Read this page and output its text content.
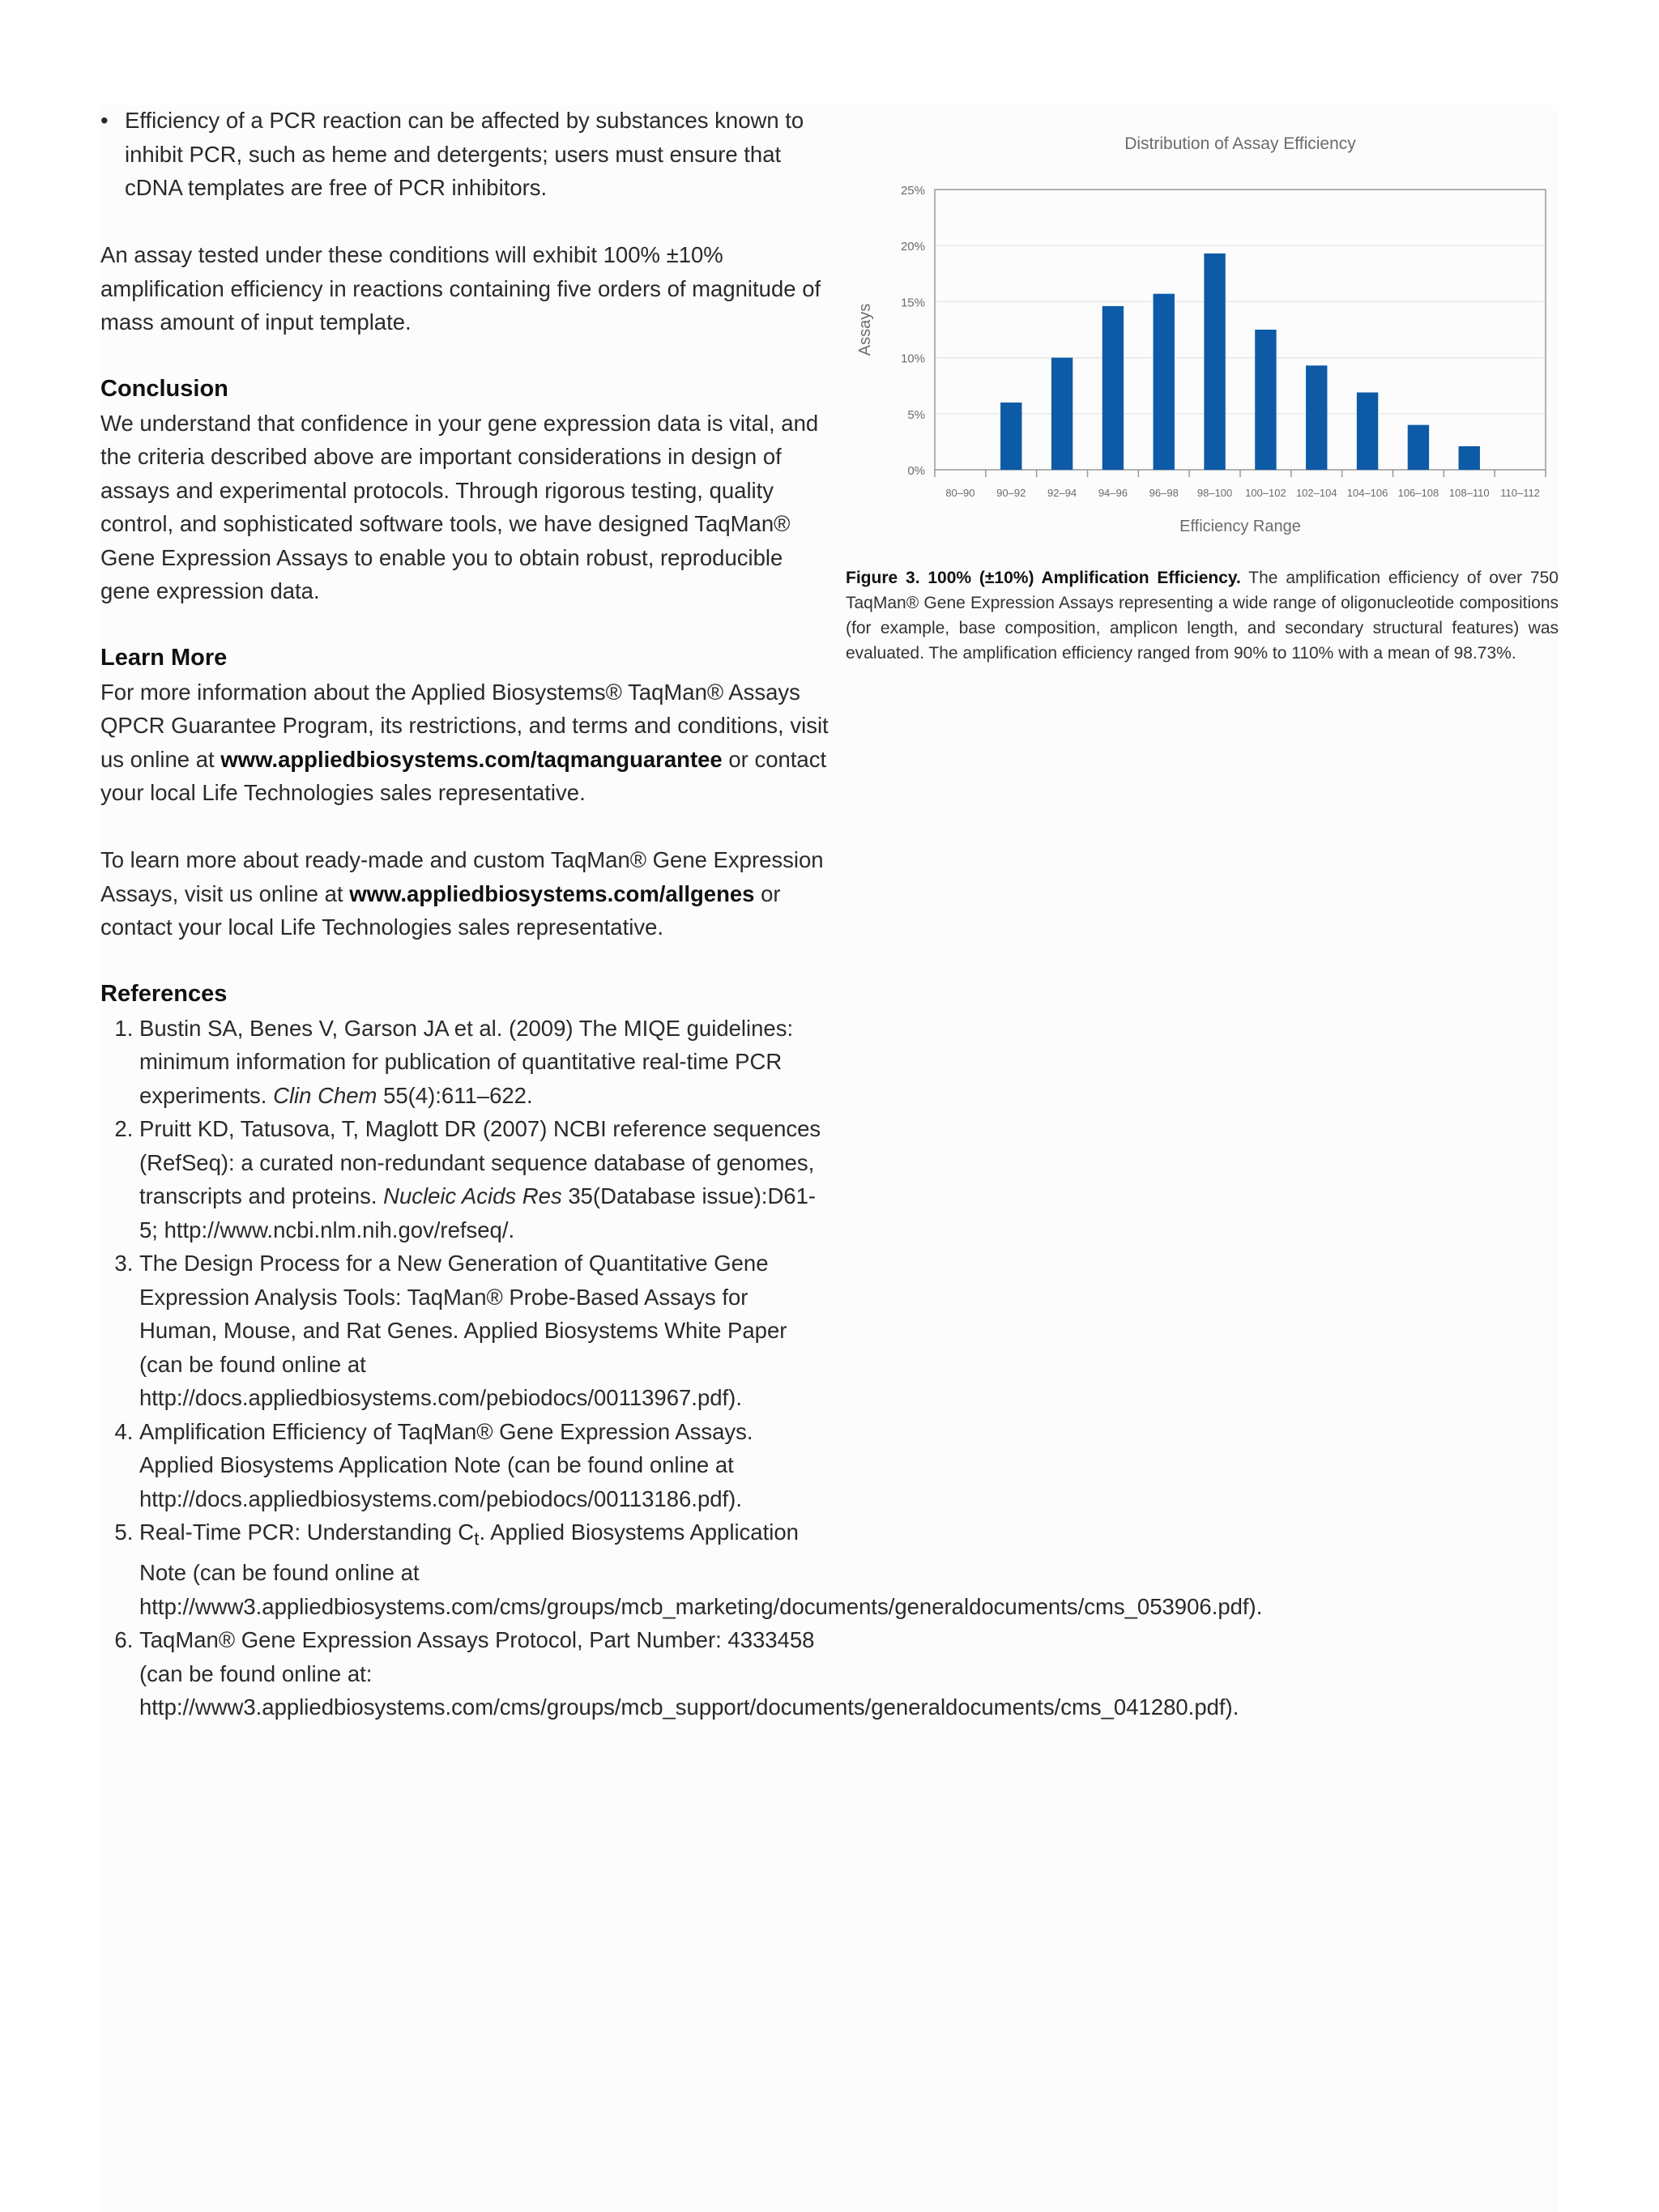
• Efficiency of a PCR reaction can be affected by substances known to inhibit PCR, such as heme and detergents; users must ensure that cDNA templates are free of PCR inhibitors.

An assay tested under these conditions will exhibit 100% ±10% amplification efficiency in reactions containing five orders of magnitude of mass amount of input template.

Conclusion

We understand that confidence in your gene expression data is vital, and the criteria described above are important considerations in design of assays and experimental protocols. Through rigorous testing, quality control, and sophisticated software tools, we have designed TaqMan® Gene Expression Assays to enable you to obtain robust, reproducible gene expression data.

Learn More

For more information about the Applied Biosystems® TaqMan® Assays QPCR Guarantee Program, its restrictions, and terms and conditions, visit us online at www.appliedbiosystems.com/taqmanguarantee or contact your local Life Technologies sales representative.

To learn more about ready-made and custom TaqMan® Gene Expression Assays, visit us online at www.appliedbiosystems.com/allgenes or contact your local Life Technologies sales representative.

References
1. Bustin SA, Benes V, Garson JA et al. (2009) The MIQE guidelines: minimum information for publication of quantitative real-time PCR experiments. Clin Chem 55(4):611–622.
2. Pruitt KD, Tatusova, T, Maglott DR (2007) NCBI reference sequences (RefSeq): a curated non-redundant sequence database of genomes, transcripts and proteins. Nucleic Acids Res 35(Database issue):D61-5; http://www.ncbi.nlm.nih.gov/refseq/.
3. The Design Process for a New Generation of Quantitative Gene Expression Analysis Tools: TaqMan® Probe-Based Assays for Human, Mouse, and Rat Genes. Applied Biosystems White Paper (can be found online at http://docs.appliedbiosystems.com/pebiodocs/00113967.pdf).
4. Amplification Efficiency of TaqMan® Gene Expression Assays. Applied Biosystems Application Note (can be found online at http://docs.appliedbiosystems.com/pebiodocs/00113186.pdf).
5. Real-Time PCR: Understanding $C_t$. Applied Biosystems Application Note (can be found online at http://www3.appliedbiosystems.com/cms/groups/mcb_marketing/documents/generaldocuments/cms_053906.pdf).
6. TaqMan® Gene Expression Assays Protocol, Part Number: 4333458 (can be found online at: http://www3.appliedbiosystems.com/cms/groups/mcb_support/documents/generaldocuments/cms_041280.pdf).
Distribution of Assay Efficiency
0%
5%
10%
15%
20%
25%
80–90 90–92 92–94 94–96 96–98 98–100 100–102 102–104 104–106 106–108 108–110 110–112
Efficiency Range
Assays
Figure 3. 100% (±10%) Amplification Efficiency. The amplification efficiency of over 750 TaqMan® Gene Expression Assays representing a wide range of oligonucleotide compositions (for example, base composition, amplicon length, and secondary structural features) was evaluated. The amplification efficiency ranged from 90% to 110% with a mean of 98.73%.
